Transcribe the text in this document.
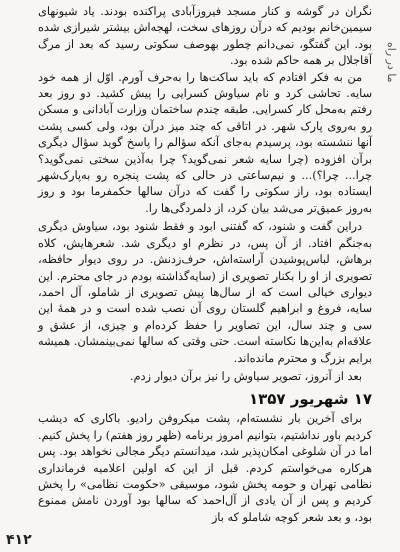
ما در راه

نگران در گوشه و کنار مسجد فیروزآبادی پراکنده بودند. یاد شیونهای سیمین‌خانم بودیم که درآن روزهای سخت، لهجه‌اش بیشتر شیرازی شده بود. این گفتگو، نمی‌دانم چطور بهوصف سکوتی رسید که بعد از مرگ آقاجلال بر همه حاکم شده بود.

من به فکر افتادم که باید ساکت‌ها را به‌حرف آورم. اوّل از همه خود سایه. تحاشی کرد و نام سیاوش کسرایی را پیش کشید. دو روز بعد رفتم به‌محل کار کسرایی. طبقه چندم ساختمان وزارت آبادانی و مسکن رو به‌روی پارک شهر. در اتاقی که چند میز درآن بود، ولی کسی پشت آنها ننشسته بود، پرسیدم به‌جای آنکه سؤالم را پاسخ گوید سؤال دیگری برآن افزوده (چرا سایه شعر نمی‌گوید؟ چرا به‌آذین سختی نمی‌گوید؟ چرا... چرا؟)... و نیم‌ساعتی در حالی که پشت پنجره رو به‌پارک‌شهر ایستاده بود، راز سکوتی را گفت که درآن سالها حکمفرما بود و روز به‌روز عمیق‌تر می‌شد بیان کرد، از دلمردگی‌ها را.

دراین گفت و شنود، که گفتنی ابود و فقط شنود بود، سیاوش دیگری به‌جنگم افتاد. از آن پس، در نظرم او دیگری شد. شعرهایش، کلاه برهاش، لباس‌پوشیدن آراسته‌اش، حرف‌زدنش. در روی دیوار حافظه، تصویری از او را بکنار تصویری از (سایه‌گذاشته بودم در جای محترم. این دیواری خیالی است که از سال‌ها پیش تصویری از شاملو، آل احمد، سایه، فروغ و ابراهیم گلستان روی آن نصب شده است و در همهٔ این سی و چند سال، این تصاویر را حفظ کرده‌ام و چیزی، از عشق و علاقه‌ام به‌این‌ها نکاسته است. حتی وقتی که سالها نمی‌بینمشان. همیشه برایم بزرگ و محترم مانده‌اند.

بعد از آنروز، تصویر سیاوش را نیز برآن دیوار زدم.

۱۷ شهریور ۱۳۵۷

برای آخرین بار نشسته‌ام، پشت میکروفن رادیو. باکاری که دیشب کردیم باور نداشتیم، بتوانیم امروز برنامه (ظهر روز هفتم) را پخش کنیم. اما در آن شلوغی امکان‌پذیر شد، میدانستم دیگر مجالی نخواهد بود. پس هرکاره می‌خواستم کردم. قبل از این که اولین اعلامیه فرمانداری نظامی تهران و حومه پخش شود، موسیقی «حکومت نظامی» را پخش کردیم و پس از آن یادی از آل‌احمد که سالها بود آوردن نامش ممنوع بود، و بعد شعر کوچه شاملو که باز

۴۱۲
